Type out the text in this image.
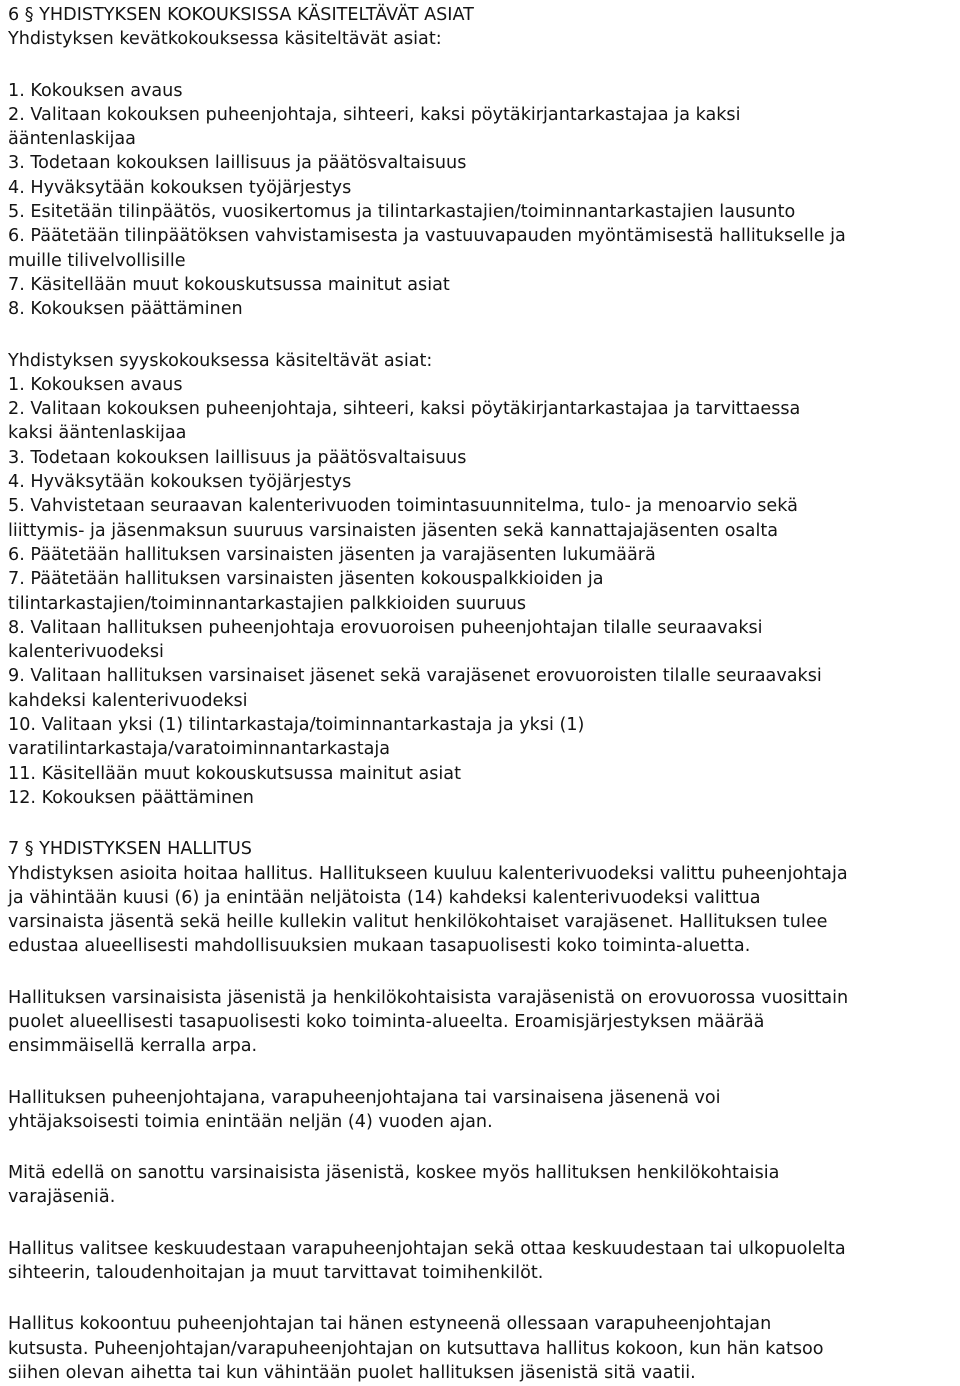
6 § YHDISTYKSEN KOKOUKSISSA KÄSITELTÄVÄT ASIAT
Yhdistyksen kevätkokouksessa käsiteltävät asiat:
1. Kokouksen avaus
2. Valitaan kokouksen puheenjohtaja, sihteeri, kaksi pöytäkirjantarkastajaa ja kaksi
ääntenlaskijaa
3. Todetaan kokouksen laillisuus ja päätösvaltaisuus
4. Hyväksytään kokouksen työjärjestys
5. Esitetään tilinpäätös, vuosikertomus ja tilintarkastajien/toiminnantarkastajien lausunto
6. Päätetään tilinpäätöksen vahvistamisesta ja vastuuvapauden myöntämisestä hallitukselle ja
muille tilivelvollisille
7. Käsitellään muut kokouskutsussa mainitut asiat
8. Kokouksen päättäminen
Yhdistyksen syyskokouksessa käsiteltävät asiat:
1. Kokouksen avaus
2. Valitaan kokouksen puheenjohtaja, sihteeri, kaksi pöytäkirjantarkastajaa ja tarvittaessa
kaksi ääntenlaskijaa
3. Todetaan kokouksen laillisuus ja päätösvaltaisuus
4. Hyväksytään kokouksen työjärjestys
5. Vahvistetaan seuraavan kalenterivuoden toimintasuunnitelma, tulo- ja menoarvio sekä
liittymis- ja jäsenmaksun suuruus varsinaisten jäsenten sekä kannattajajäsenten osalta
6. Päätetään hallituksen varsinaisten jäsenten ja varajäsenten lukumäärä
7. Päätetään hallituksen varsinaisten jäsenten kokouspalkkioiden ja
tilintarkastajien/toiminnantarkastajien palkkioiden suuruus
8. Valitaan hallituksen puheenjohtaja erovuoroisen puheenjohtajan tilalle seuraavaksi
kalenterivuodeksi
9. Valitaan hallituksen varsinaiset jäsenet sekä varajäsenet erovuoroisten tilalle seuraavaksi
kahdeksi kalenterivuodeksi
10. Valitaan yksi (1) tilintarkastaja/toiminnantarkastaja ja yksi (1)
varatilintarkastaja/varatoiminnantarkastaja
11. Käsitellään muut kokouskutsussa mainitut asiat
12. Kokouksen päättäminen
7 § YHDISTYKSEN HALLITUS
Yhdistyksen asioita hoitaa hallitus. Hallitukseen kuuluu kalenterivuodeksi valittu puheenjohtaja
ja vähintään kuusi (6) ja enintään neljätoista (14) kahdeksi kalenterivuodeksi valittua
varsinaista jäsentä sekä heille kullekin valitut henkilökohtaiset varajäsenet. Hallituksen tulee
edustaa alueellisesti mahdollisuuksien mukaan tasapuolisesti koko toiminta-aluetta.
Hallituksen varsinaisista jäsenistä ja henkilökohtaisista varajäsenistä on erovuorossa vuosittain
puolet alueellisesti tasapuolisesti koko toiminta-alueelta. Eroamisjärjestyksen määrää
ensimmäisellä kerralla arpa.
Hallituksen puheenjohtajana, varapuheenjohtajana tai varsinaisena jäsenenä voi
yhtäjaksoisesti toimia enintään neljän (4) vuoden ajan.
Mitä edellä on sanottu varsinaisista jäsenistä, koskee myös hallituksen henkilökohtaisia
varajäseniä.
Hallitus valitsee keskuudestaan varapuheenjohtajan sekä ottaa keskuudestaan tai ulkopuolelta
sihteerin, taloudenhoitajan ja muut tarvittavat toimihenkilöt.
Hallitus kokoontuu puheenjohtajan tai hänen estyneenä ollessaan varapuheenjohtajan
kutsusta. Puheenjohtajan/varapuheenjohtajan on kutsuttava hallitus kokoon, kun hän katsoo
siihen olevan aihetta tai kun vähintään puolet hallituksen jäsenistä sitä vaatii.
